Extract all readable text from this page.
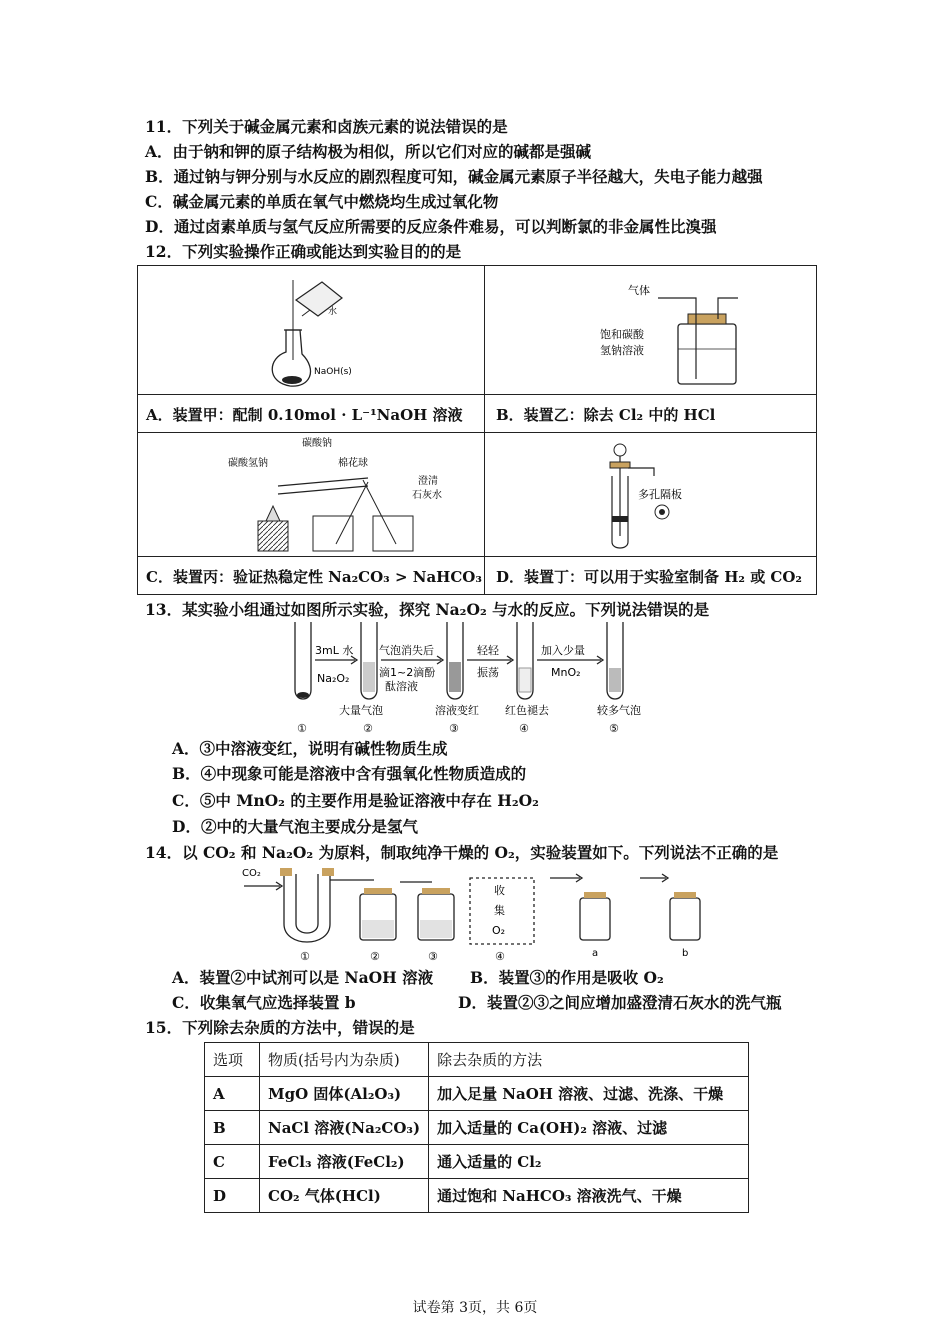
11．下列关于碱金属元素和卤族元素的说法错误的是
A．由于钠和钾的原子结构极为相似，所以它们对应的碱都是强碱
B．通过钠与钾分别与水反应的剧烈程度可知，碱金属元素原子半径越大，失电子能力越强
C．碱金属元素的单质在氧气中燃烧均生成过氧化物
D．通过卤素单质与氢气反应所需要的反应条件难易，可以判断氯的非金属性比溴强
12．下列实验操作正确或能达到实验目的的是
水
NaOH(s)
A．装置甲：配制 0.10mol · L⁻¹NaOH 溶液
气体
饱和碳酸
氢钠溶液
B．装置乙：除去 Cl₂ 中的 HCl
碳酸钠
碳酸氢钠	棉花球
澄清
石灰水
C．装置丙：验证热稳定性 Na₂CO₃ > NaHCO₃
多孔隔板
D．装置丁：可以用于实验室制备 H₂ 或 CO₂
13．某实验小组通过如图所示实验，探究 Na₂O₂ 与水的反应。下列说法错误的是
3mL 水
Na₂O₂
气泡消失后
滴1~2滴酚
酞溶液
轻轻
振荡
加入少量
MnO₂
大量气泡	溶液变红 红色褪去	较多气泡
①	②	③	④	⑤
A．③中溶液变红，说明有碱性物质生成
B．④中现象可能是溶液中含有强氧化性物质造成的
C．⑤中 MnO₂ 的主要作用是验证溶液中存在 H₂O₂
D．②中的大量气泡主要成分是氢气
14．以 CO₂ 和 Na₂O₂ 为原料，制取纯净干燥的 O₂，实验装置如下。下列说法不正确的是
CO₂
收
集
O₂
①	②	③	④	a	b
A．装置②中试剂可以是 NaOH 溶液 B．装置③的作用是吸收 O₂
C．收集氧气应选择装置 b	D．装置②③之间应增加盛澄清石灰水的洗气瓶
15．下列除去杂质的方法中，错误的是
选项	物质(括号内为杂质)	除去杂质的方法
A	MgO 固体(Al₂O₃)	加入足量 NaOH 溶液、过滤、洗涤、干燥
B	NaCl 溶液(Na₂CO₃)	加入适量的 Ca(OH)₂ 溶液、过滤
C	FeCl₃ 溶液(FeCl₂)	通入适量的 Cl₂
D	CO₂ 气体(HCl)	通过饱和 NaHCO₃ 溶液洗气、干燥
试卷第 3页，共 6页
